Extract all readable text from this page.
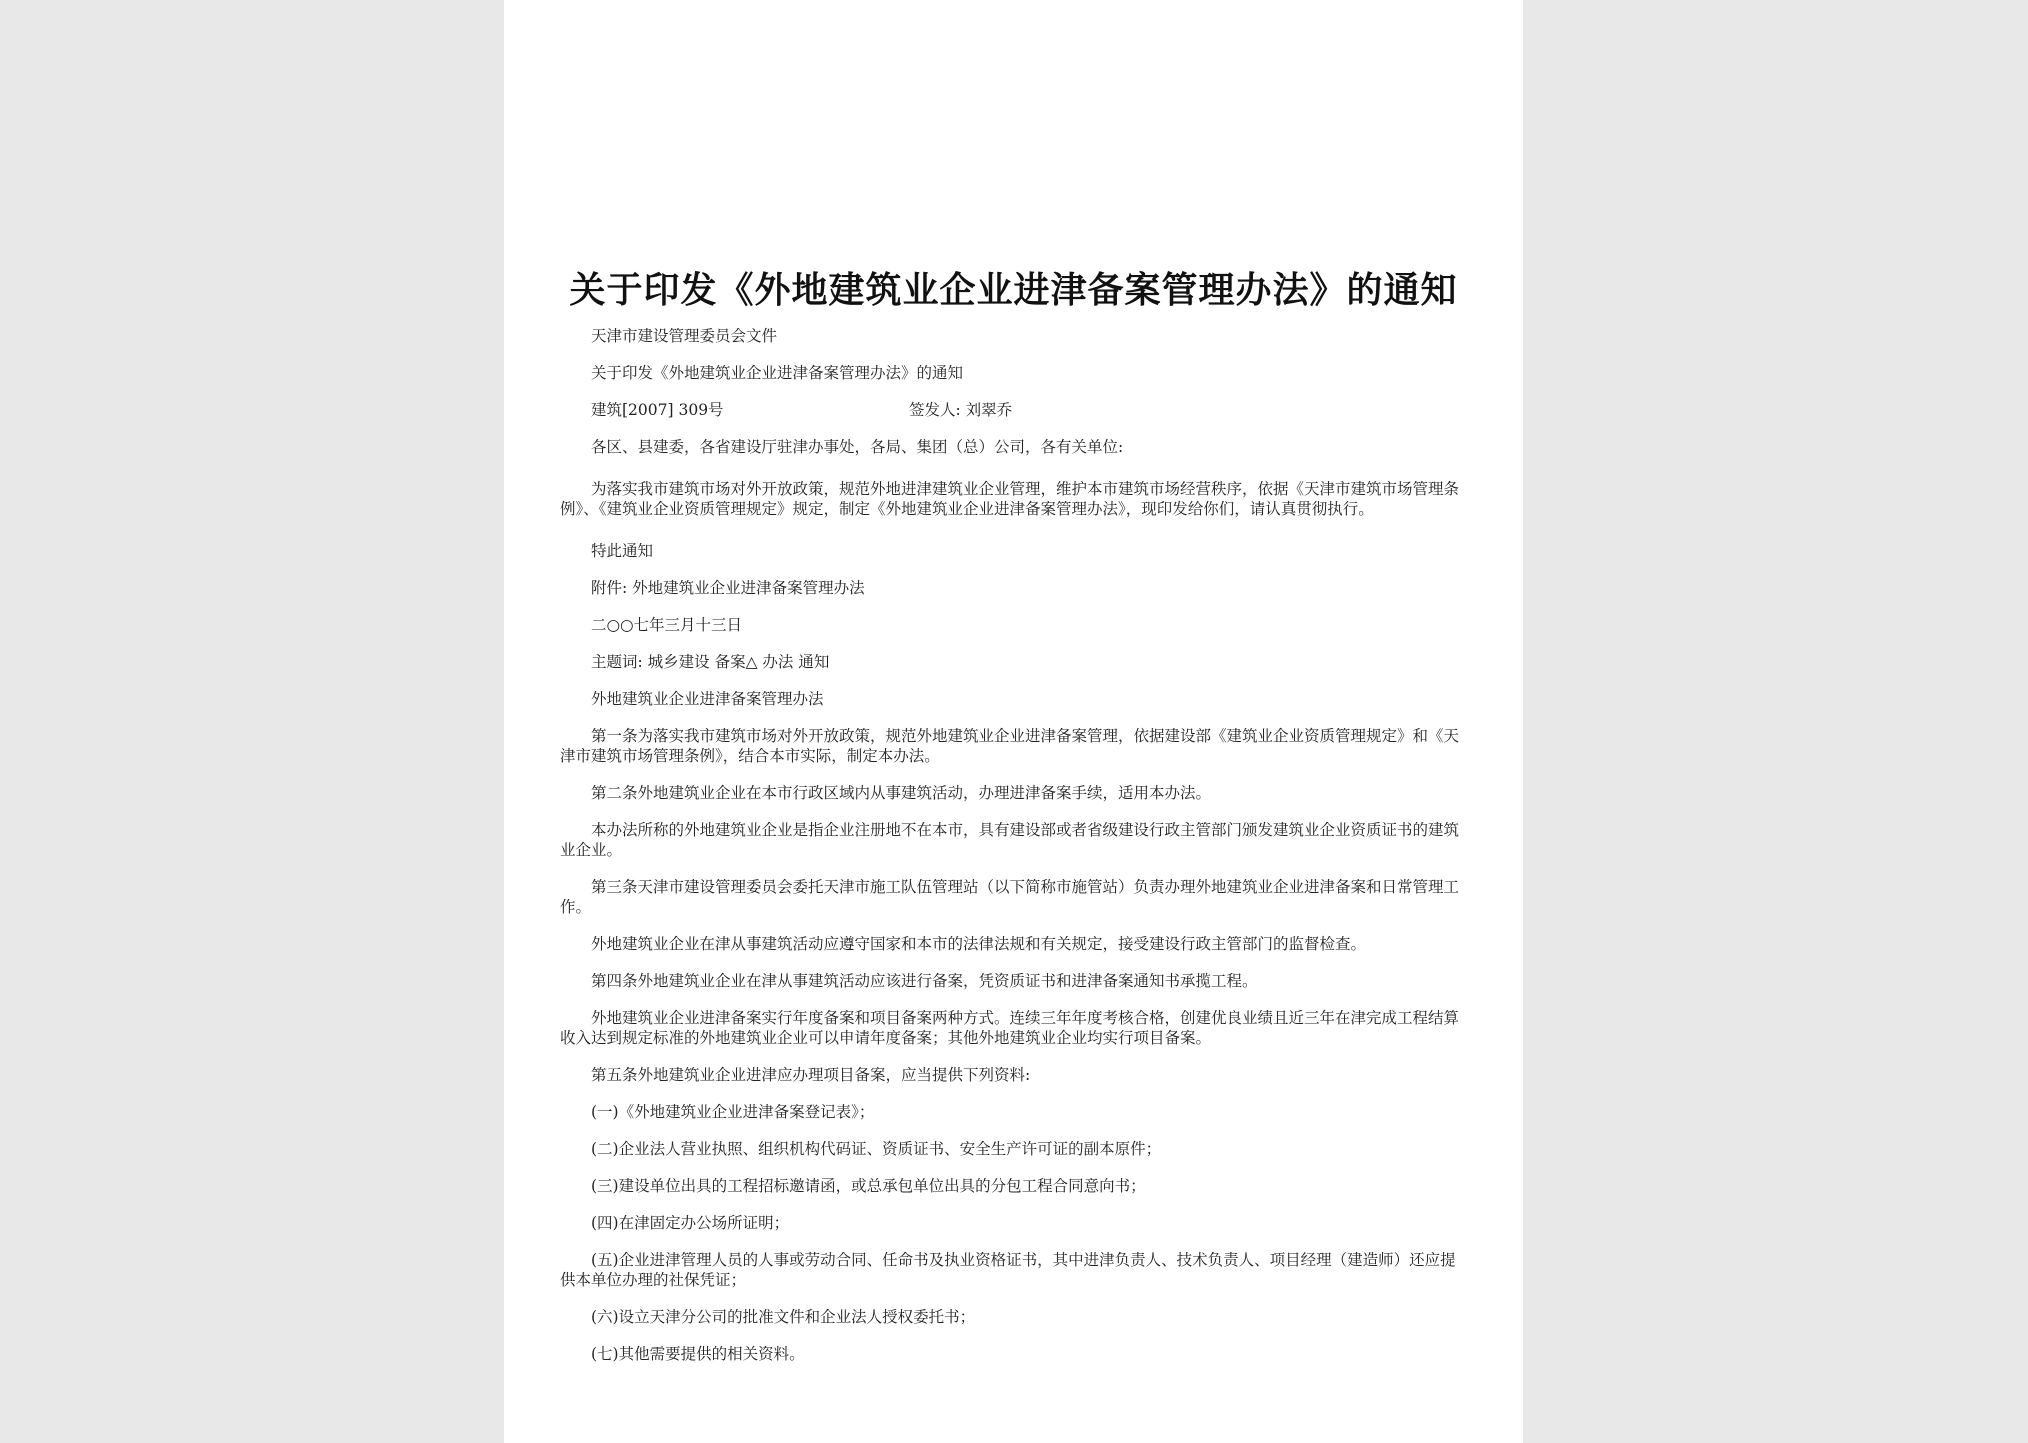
关于印发《外地建筑业企业进津备案管理办法》的通知

天津市建设管理委员会文件

关于印发《外地建筑业企业进津备案管理办法》的通知

建筑[2007] 309号	签发人: 刘翠乔

各区、县建委，各省建设厅驻津办事处，各局、集团（总）公司，各有关单位:

为落实我市建筑市场对外开放政策，规范外地进津建筑业企业管理，维护本市建筑市场经营秩序，依据《天津市建筑市场管理条例》、《建筑业企业资质管理规定》规定，制定《外地建筑业企业进津备案管理办法》，现印发给你们，请认真贯彻执行。

特此通知

附件: 外地建筑业企业进津备案管理办法

二○○七年三月十三日

主题词: 城乡建设 备案△ 办法 通知

外地建筑业企业进津备案管理办法

第一条为落实我市建筑市场对外开放政策，规范外地建筑业企业进津备案管理，依据建设部《建筑业企业资质管理规定》和《天津市建筑市场管理条例》，结合本市实际，制定本办法。

第二条外地建筑业企业在本市行政区域内从事建筑活动，办理进津备案手续，适用本办法。

本办法所称的外地建筑业企业是指企业注册地不在本市，具有建设部或者省级建设行政主管部门颁发建筑业企业资质证书的建筑业企业。

第三条天津市建设管理委员会委托天津市施工队伍管理站（以下简称市施管站）负责办理外地建筑业企业进津备案和日常管理工作。

外地建筑业企业在津从事建筑活动应遵守国家和本市的法律法规和有关规定，接受建设行政主管部门的监督检查。

第四条外地建筑业企业在津从事建筑活动应该进行备案，凭资质证书和进津备案通知书承揽工程。

外地建筑业企业进津备案实行年度备案和项目备案两种方式。连续三年年度考核合格，创建优良业绩且近三年在津完成工程结算收入达到规定标准的外地建筑业企业可以申请年度备案；其他外地建筑业企业均实行项目备案。

第五条外地建筑业企业进津应办理项目备案，应当提供下列资料:

(一)《外地建筑业企业进津备案登记表》；

(二)企业法人营业执照、组织机构代码证、资质证书、安全生产许可证的副本原件；

(三)建设单位出具的工程招标邀请函，或总承包单位出具的分包工程合同意向书；

(四)在津固定办公场所证明；

(五)企业进津管理人员的人事或劳动合同、任命书及执业资格证书，其中进津负责人、技术负责人、项目经理（建造师）还应提供本单位办理的社保凭证；

(六)设立天津分公司的批准文件和企业法人授权委托书；

(七)其他需要提供的相关资料。
